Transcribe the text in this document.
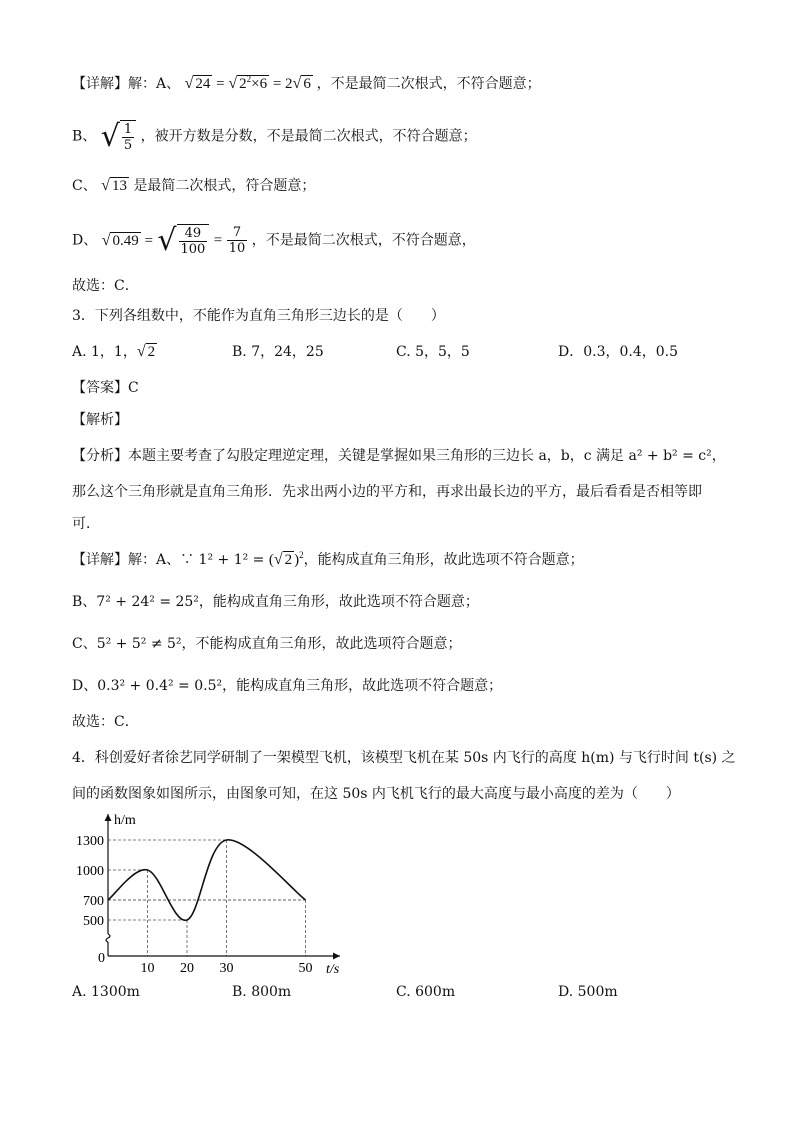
【详解】解：A、 √ 24 = √ $2^2\times 6 = 2√$ 6 ，不是最简二次根式，不符合题意；
B、 √ $\frac{1}{5}$ ，被开方数是分数，不是最简二次根式，不符合题意；
C、 √ 13 是最简二次根式，符合题意；
D、 √ 0.49 = √ $\frac{49}{100} = \frac{7}{10}$ ，不是最简二次根式，不符合题意，
故选：C．
3．下列各组数中，不能作为直角三角形三边长的是（　　）
A. 1，1，√ 2	B. 7，24，25	C. 5，5，5	D．0.3，0.4，0.5
【答案】C
【解析】
【分析】本题主要考查了勾股定理逆定理，关键是掌握如果三角形的三边长 a，b，c 满足 a² + b² = c²，
那么这个三角形就是直角三角形．先求出两小边的平方和，再求出最长边的平方，最后看看是否相等即
可．
【详解】解：A、∵ 1² + 1² = (√ 2 )$^2$，能构成直角三角形，故此选项不符合题意；
B、7² + 24² = 25²，能构成直角三角形，故此选项不符合题意；
C、5² + 5² ≠ 5²，不能构成直角三角形，故此选项符合题意；
D、0.3² + 0.4² = 0.5²，能构成直角三角形，故此选项不符合题意；
故选：C．
4．科创爱好者徐艺同学研制了一架模型飞机，该模型飞机在某 50s 内飞行的高度 h(m) 与飞行时间 t(s) 之
间的函数图象如图所示，由图象可知，在这 50s 内飞机飞行的最大高度与最小高度的差为（　　）
h/m
t/s
0
500
700
1000
1300
10 20 30	50
A. 1300m	B. 800m	C. 600m	D. 500m
